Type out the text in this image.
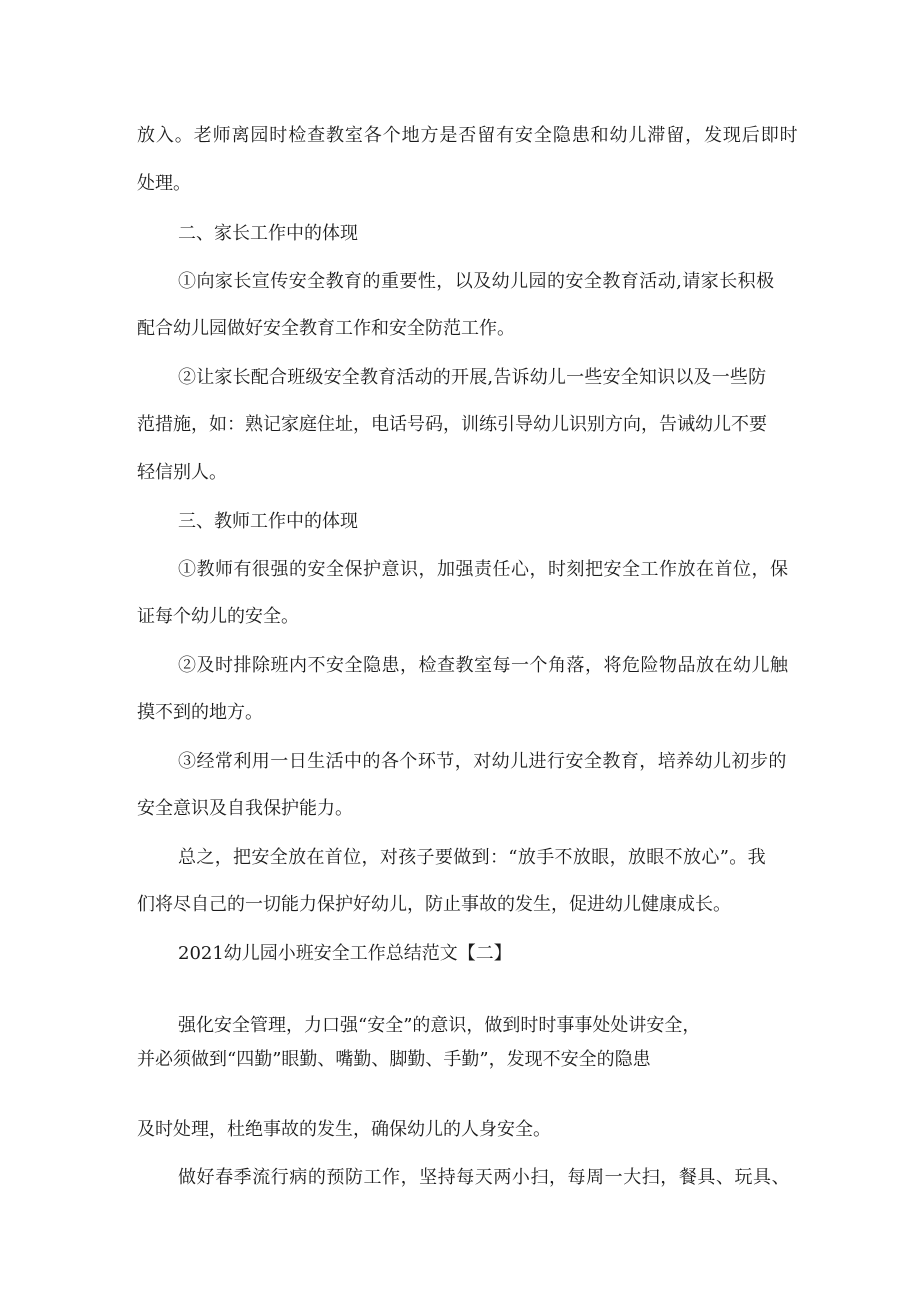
放入。老师离园时检查教室各个地方是否留有安全隐患和幼儿滞留，发现后即时
处理。
二、家长工作中的体现
①向家长宣传安全教育的重要性，以及幼儿园的安全教育活动,请家长积极
配合幼儿园做好安全教育工作和安全防范工作。
②让家长配合班级安全教育活动的开展,告诉幼儿一些安全知识以及一些防
范措施，如：熟记家庭住址，电话号码，训练引导幼儿识别方向，告诫幼儿不要
轻信别人。
三、教师工作中的体现
①教师有很强的安全保护意识，加强责任心，时刻把安全工作放在首位，保
证每个幼儿的安全。
②及时排除班内不安全隐患，检查教室每一个角落，将危险物品放在幼儿触
摸不到的地方。
③经常利用一日生活中的各个环节，对幼儿进行安全教育，培养幼儿初步的
安全意识及自我保护能力。
总之，把安全放在首位，对孩子要做到：“放手不放眼，放眼不放心”。我
们将尽自己的一切能力保护好幼儿，防止事故的发生，促进幼儿健康成长。
2021幼儿园小班安全工作总结范文【二】
强化安全管理，力口强“安全”的意识，做到时时事事处处讲安全，
并必须做到“四勤”眼勤、嘴勤、脚勤、手勤”，发现不安全的隐患
及时处理，杜绝事故的发生，确保幼儿的人身安全。
做好春季流行病的预防工作，坚持每天两小扫，每周一大扫，餐具、玩具、
